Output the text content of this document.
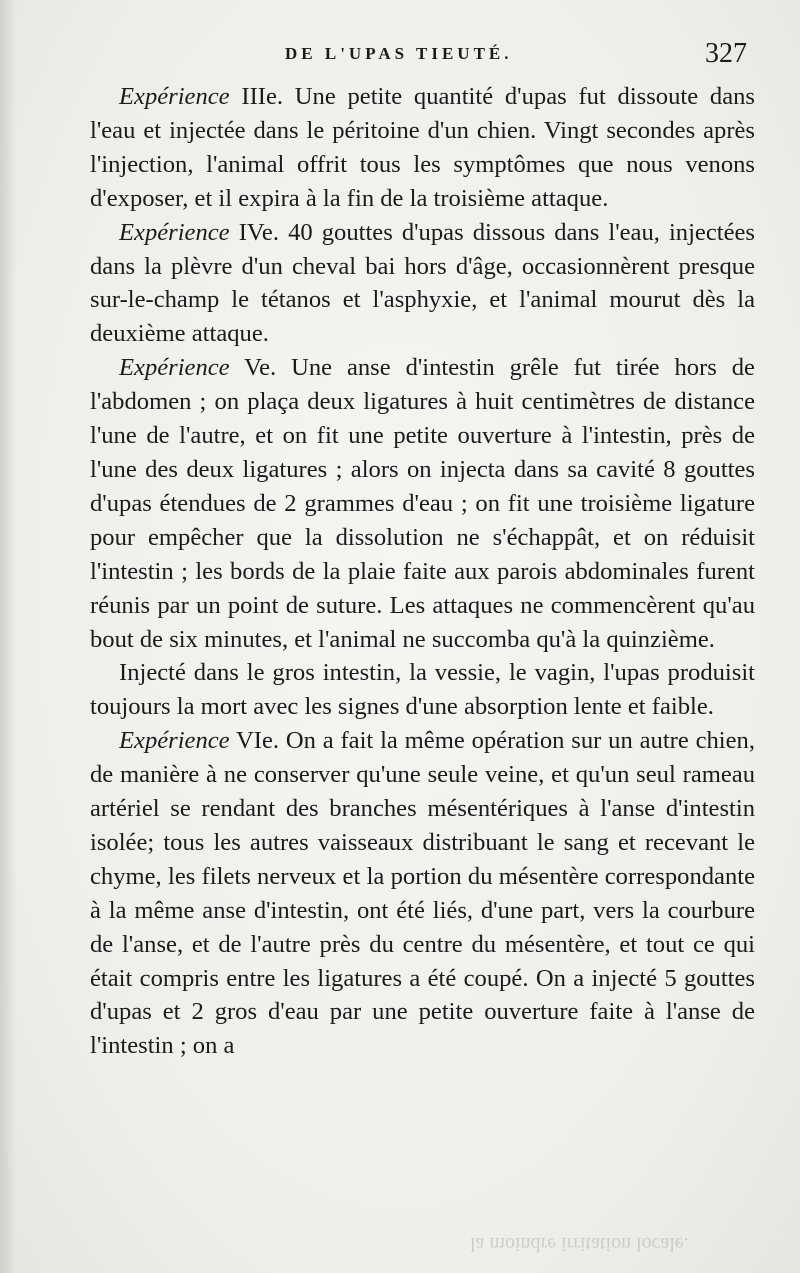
DE L'UPAS TIEUTÉ.	327

Expérience IIIe. Une petite quantité d'upas fut dissoute dans l'eau et injectée dans le péritoine d'un chien. Vingt secondes après l'injection, l'animal offrit tous les symptômes que nous venons d'exposer, et il expira à la fin de la troisième attaque.

Expérience IVe. 40 gouttes d'upas dissous dans l'eau, injectées dans la plèvre d'un cheval bai hors d'âge, occasionnèrent presque sur-le-champ le tétanos et l'asphyxie, et l'animal mourut dès la deuxième attaque.

Expérience Ve. Une anse d'intestin grêle fut tirée hors de l'abdomen ; on plaça deux ligatures à huit centimètres de distance l'une de l'autre, et on fit une petite ouverture à l'intestin, près de l'une des deux ligatures ; alors on injecta dans sa cavité 8 gouttes d'upas étendues de 2 grammes d'eau ; on fit une troisième ligature pour empêcher que la dissolution ne s'échappât, et on réduisit l'intestin ; les bords de la plaie faite aux parois abdominales furent réunis par un point de suture. Les attaques ne commencèrent qu'au bout de six minutes, et l'animal ne succomba qu'à la quinzième.

Injecté dans le gros intestin, la vessie, le vagin, l'upas produisit toujours la mort avec les signes d'une absorption lente et faible.

Expérience VIe. On a fait la même opération sur un autre chien, de manière à ne conserver qu'une seule veine, et qu'un seul rameau artériel se rendant des branches mésentériques à l'anse d'intestin isolée; tous les autres vaisseaux distribuant le sang et recevant le chyme, les filets nerveux et la portion du mésentère correspondante à la même anse d'intestin, ont été liés, d'une part, vers la courbure de l'anse, et de l'autre près du centre du mésentère, et tout ce qui était compris entre les ligatures a été coupé. On a injecté 5 gouttes d'upas et 2 gros d'eau par une petite ouverture faite à l'anse de l'intestin ; on a

la moindre irritation locale.
